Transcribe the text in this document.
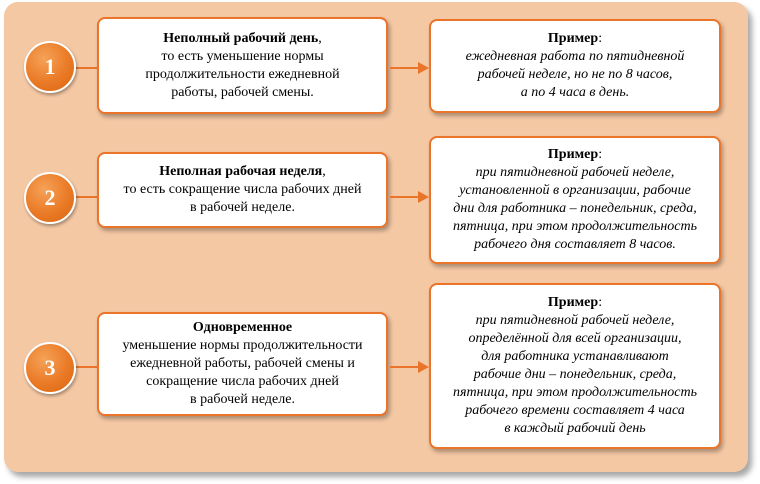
1
Неполный рабочий день,
то есть уменьшение нормы
продолжительности ежедневной
работы, рабочей смены.
Пример:
ежедневная работа по пятидневной
рабочей неделе, но не по 8 часов,
а по 4 часа в день.
2
Неполная рабочая неделя,
то есть сокращение числа рабочих дней
в рабочей неделе.
Пример:
при пятидневной рабочей неделе,
установленной в организации, рабочие
дни для работника – понедельник, среда,
пятница, при этом продолжительность
рабочего дня составляет 8 часов.
3
Одновременное
уменьшение нормы продолжительности
ежедневной работы, рабочей смены и
сокращение числа рабочих дней
в рабочей неделе.
Пример:
при пятидневной рабочей неделе,
определённой для всей организации,
для работника устанавливают
рабочие дни – понедельник, среда,
пятница, при этом продолжительность
рабочего времени составляет 4 часа
в каждый рабочий день
